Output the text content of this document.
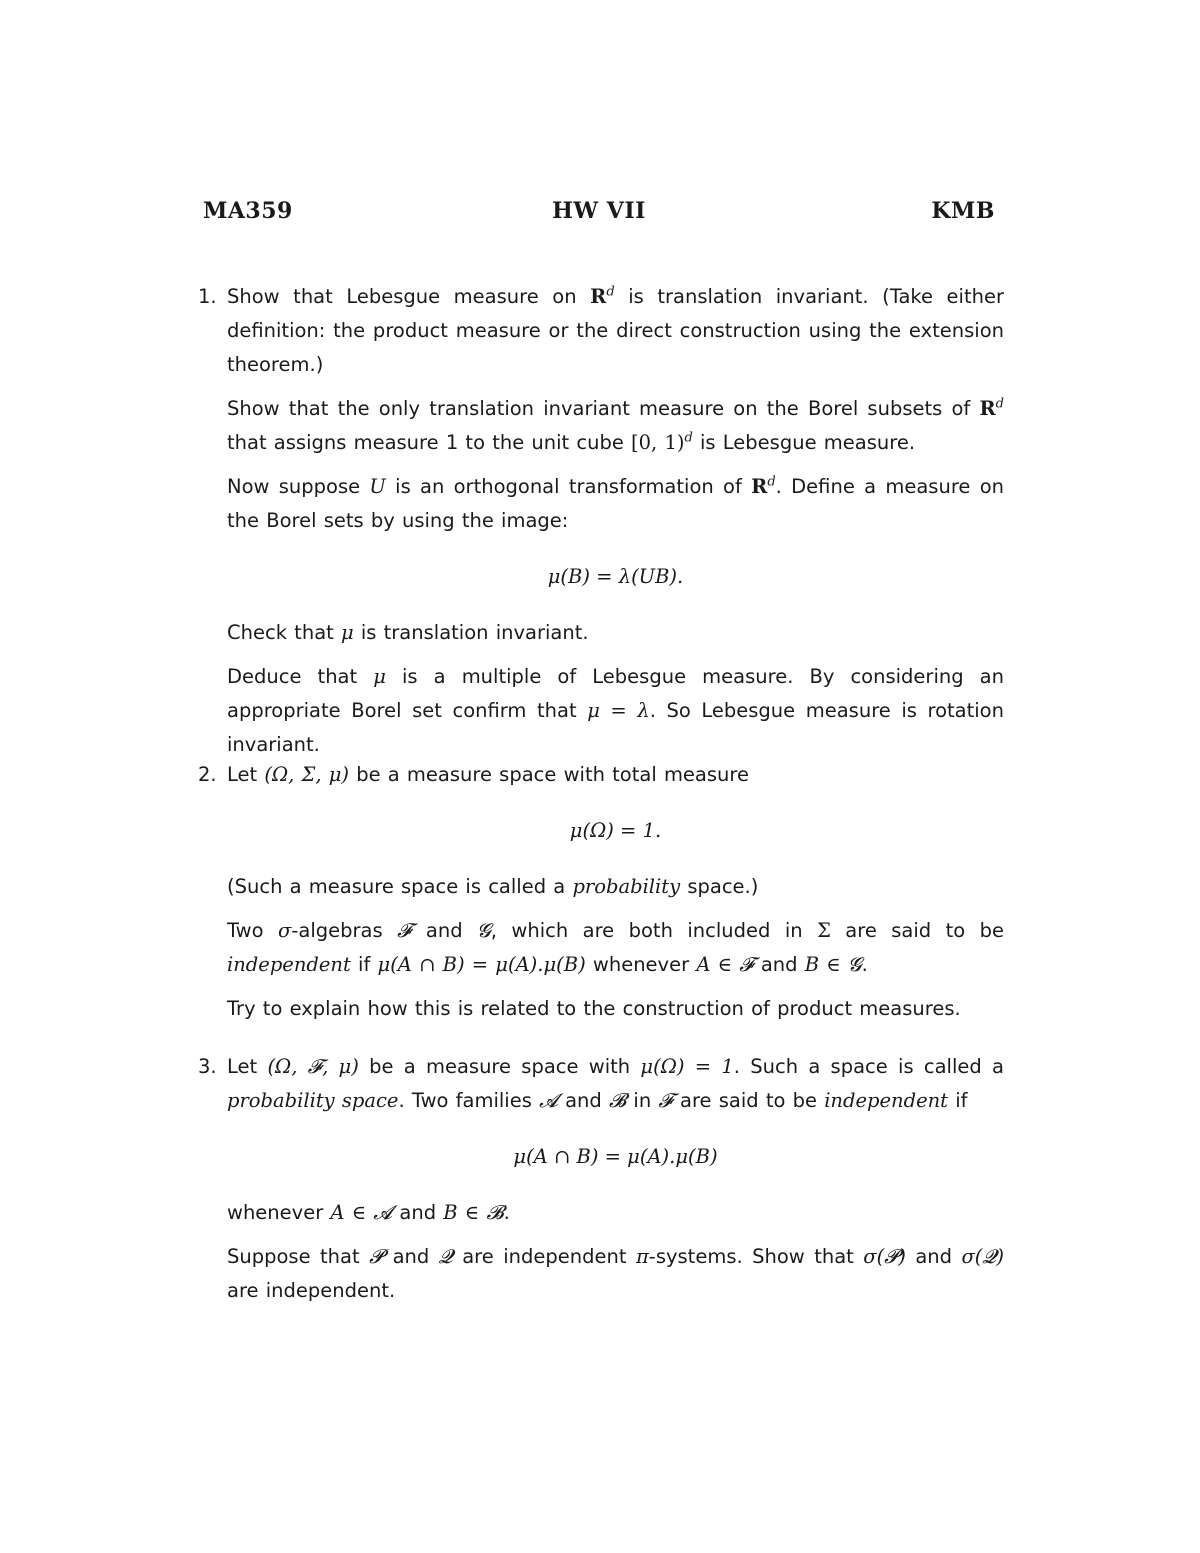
MA359	HW VII	KMB
1. Show that Lebesgue measure on $R^d$ is translation invariant. (Take either definition: the product measure or the direct construction using the extension theorem.)

Show that the only translation invariant measure on the Borel subsets of $R^d$ that assigns measure 1 to the unit cube [0, 1)$^d$ is Lebesgue measure.

Now suppose U is an orthogonal transformation of $R^d$. Define a measure on the Borel sets by using the image:

μ(B) = λ(UB).

Check that μ is translation invariant.

Deduce that μ is a multiple of Lebesgue measure. By considering an appropriate Borel set confirm that μ = λ. So Lebesgue measure is rotation invariant.

2. Let (Ω, Σ, μ) be a measure space with total measure

μ(Ω) = 1.

(Such a measure space is called a probability space.)

Two σ-algebras 𝓕 and 𝓖, which are both included in Σ are said to be independent if μ(A ∩ B) = μ(A).μ(B) whenever A ∈ 𝓕 and B ∈ 𝓖.

Try to explain how this is related to the construction of product measures.

3. Let (Ω, 𝓕, μ) be a measure space with μ(Ω) = 1. Such a space is called a probability space. Two families 𝓐 and 𝓑 in 𝓕 are said to be independent if

μ(A ∩ B) = μ(A).μ(B)

whenever A ∈ 𝓐 and B ∈ 𝓑.

Suppose that 𝓟 and 𝓠 are independent π-systems. Show that σ(𝓟) and σ(𝓠) are independent.
